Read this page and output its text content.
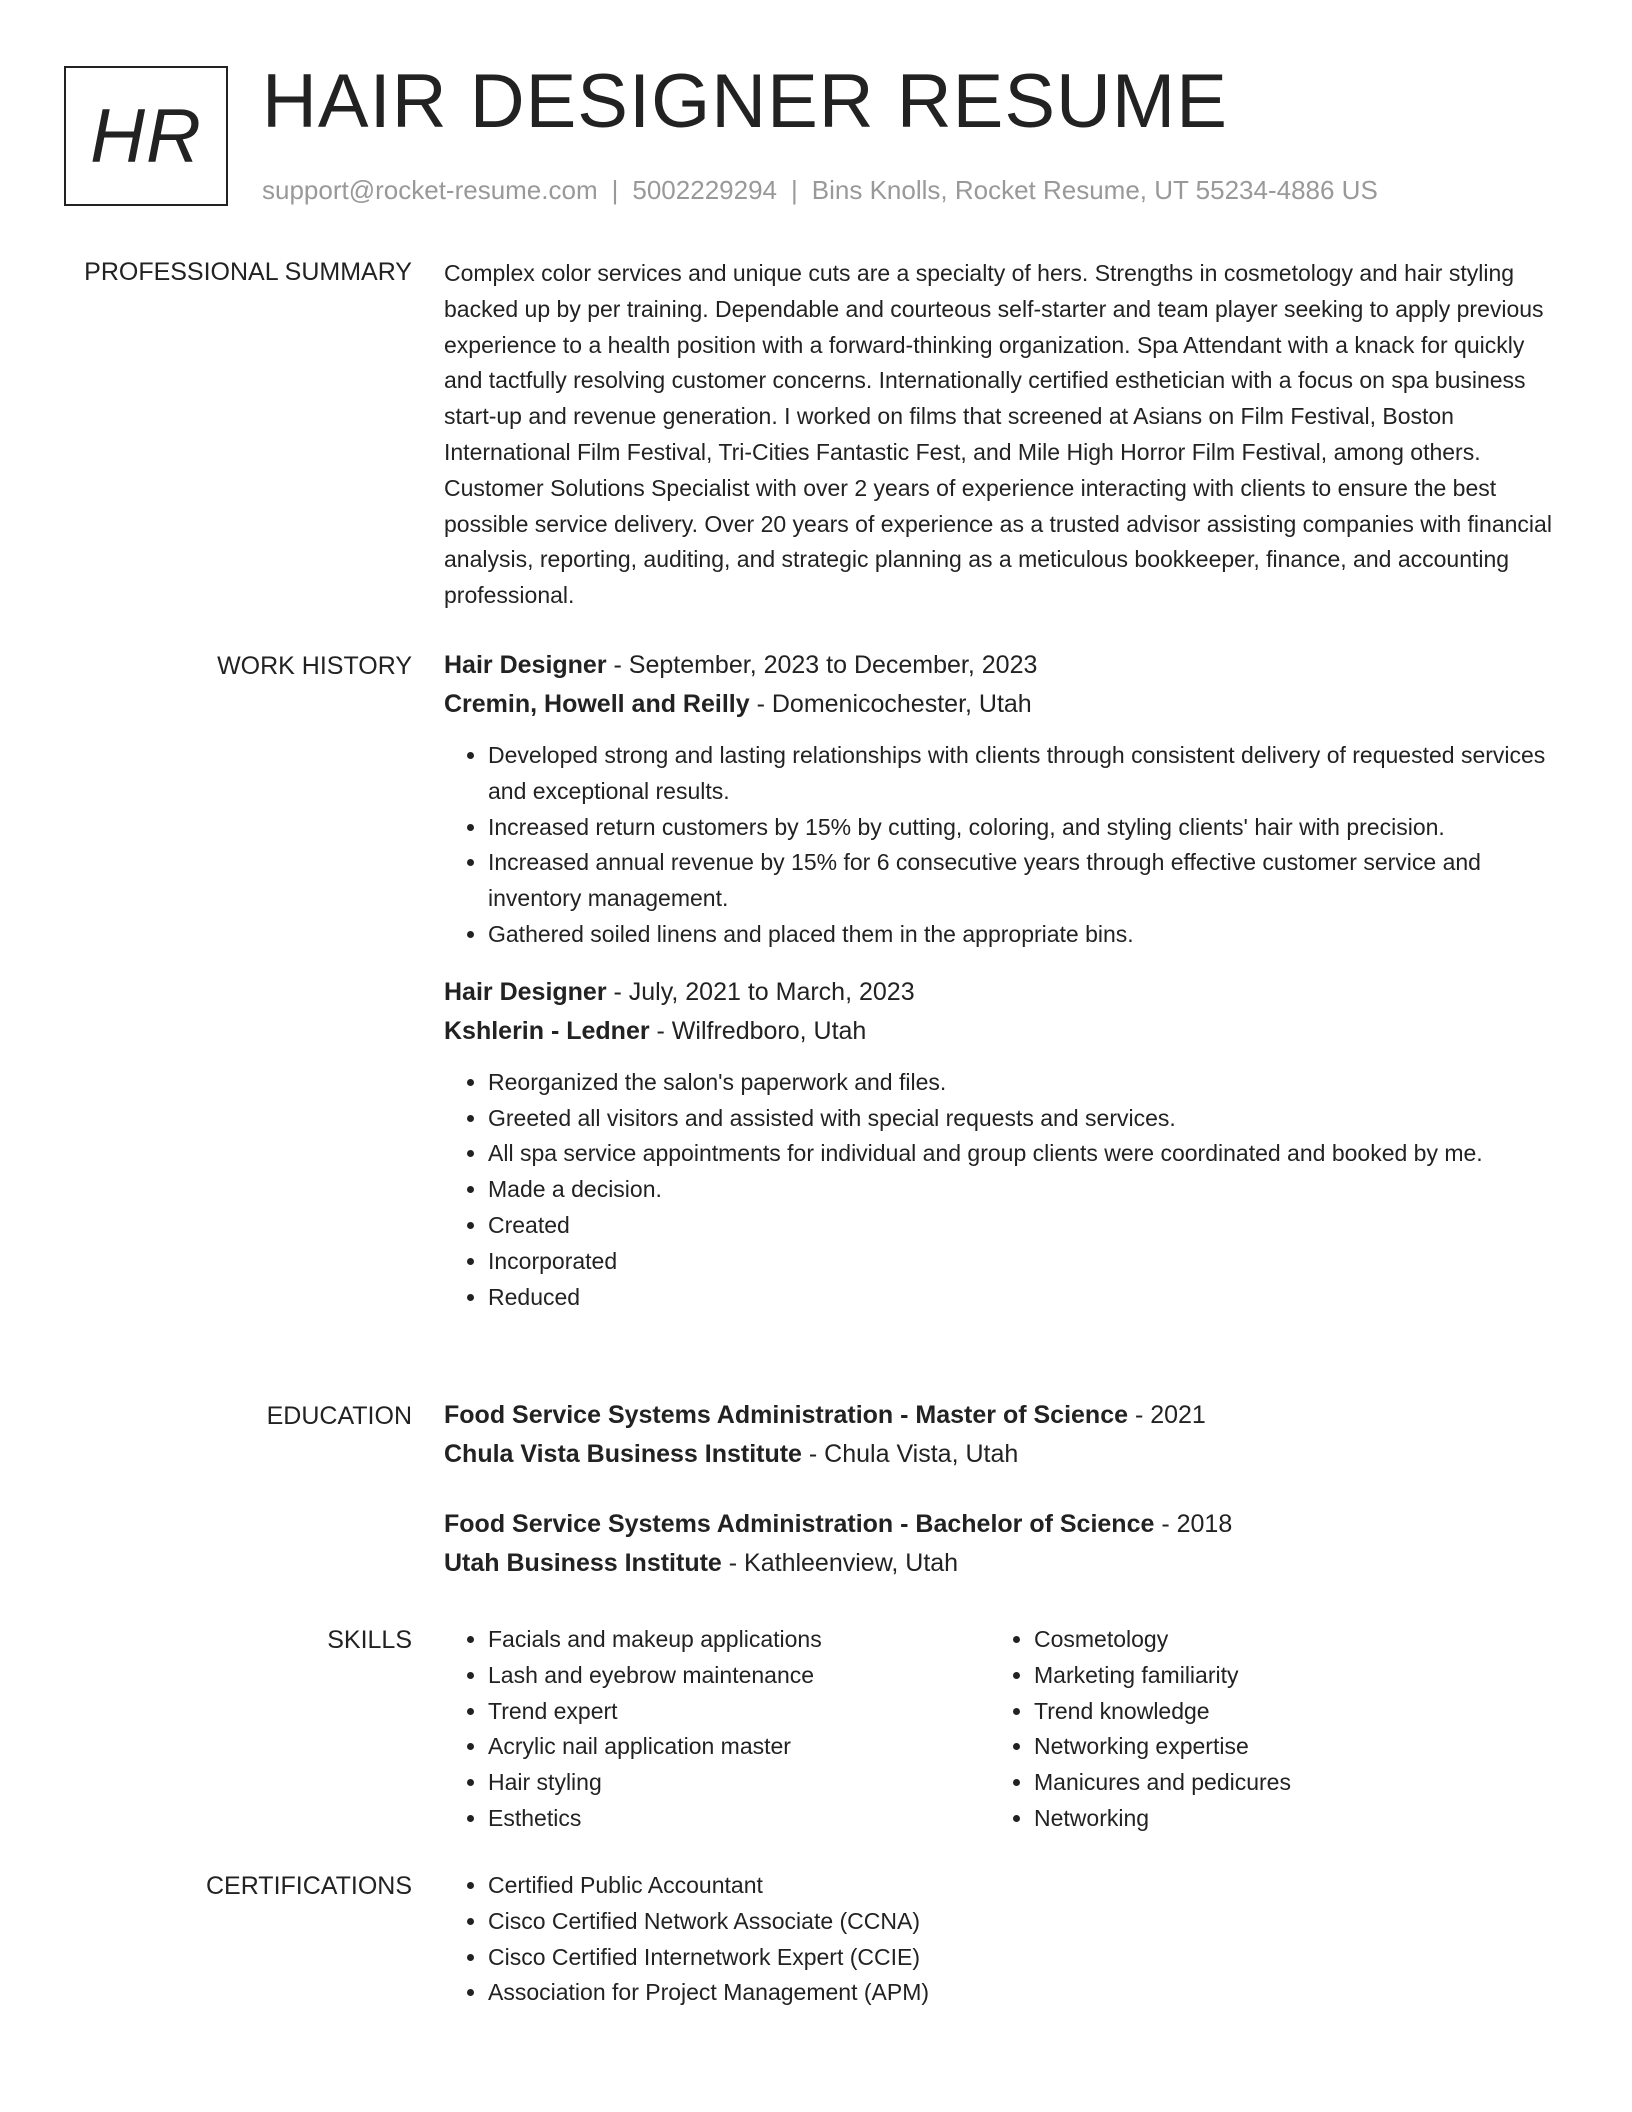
HR HAIR DESIGNER RESUME
support@rocket-resume.com | 5002229294 | Bins Knolls, Rocket Resume, UT 55234-4886 US
PROFESSIONAL SUMMARY Complex color services and unique cuts are a specialty of hers. Strengths in cosmetology and hair styling backed up by per training. Dependable and courteous self-starter and team player seeking to apply previous experience to a health position with a forward-thinking organization. Spa Attendant with a knack for quickly and tactfully resolving customer concerns. Internationally certified esthetician with a focus on spa business start-up and revenue generation. I worked on films that screened at Asians on Film Festival, Boston International Film Festival, Tri-Cities Fantastic Fest, and Mile High Horror Film Festival, among others. Customer Solutions Specialist with over 2 years of experience interacting with clients to ensure the best possible service delivery. Over 20 years of experience as a trusted advisor assisting companies with financial analysis, reporting, auditing, and strategic planning as a meticulous bookkeeper, finance, and accounting professional.

WORK HISTORY Hair Designer - September, 2023 to December, 2023
Cremin, Howell and Reilly - Domenicochester, Utah
• Developed strong and lasting relationships with clients through consistent delivery of requested services and exceptional results.
• Increased return customers by 15% by cutting, coloring, and styling clients' hair with precision.
• Increased annual revenue by 15% for 6 consecutive years through effective customer service and inventory management.
• Gathered soiled linens and placed them in the appropriate bins.
Hair Designer - July, 2021 to March, 2023
Kshlerin - Ledner - Wilfredboro, Utah
• Reorganized the salon's paperwork and files.
• Greeted all visitors and assisted with special requests and services.
• All spa service appointments for individual and group clients were coordinated and booked by me.
• Made a decision.
• Created
• Incorporated
• Reduced
EDUCATION Food Service Systems Administration - Master of Science - 2021
Chula Vista Business Institute - Chula Vista, Utah
Food Service Systems Administration - Bachelor of Science - 2018
Utah Business Institute - Kathleenview, Utah
SKILLS	• Facials and makeup applications
• Lash and eyebrow maintenance
• Trend expert
• Acrylic nail application master
• Hair styling
• Esthetics
• Cosmetology
• Marketing familiarity
• Trend knowledge
• Networking expertise
• Manicures and pedicures
• Networking
CERTIFICATIONS	• Certified Public Accountant
• Cisco Certified Network Associate (CCNA)
• Cisco Certified Internetwork Expert (CCIE)
• Association for Project Management (APM)
